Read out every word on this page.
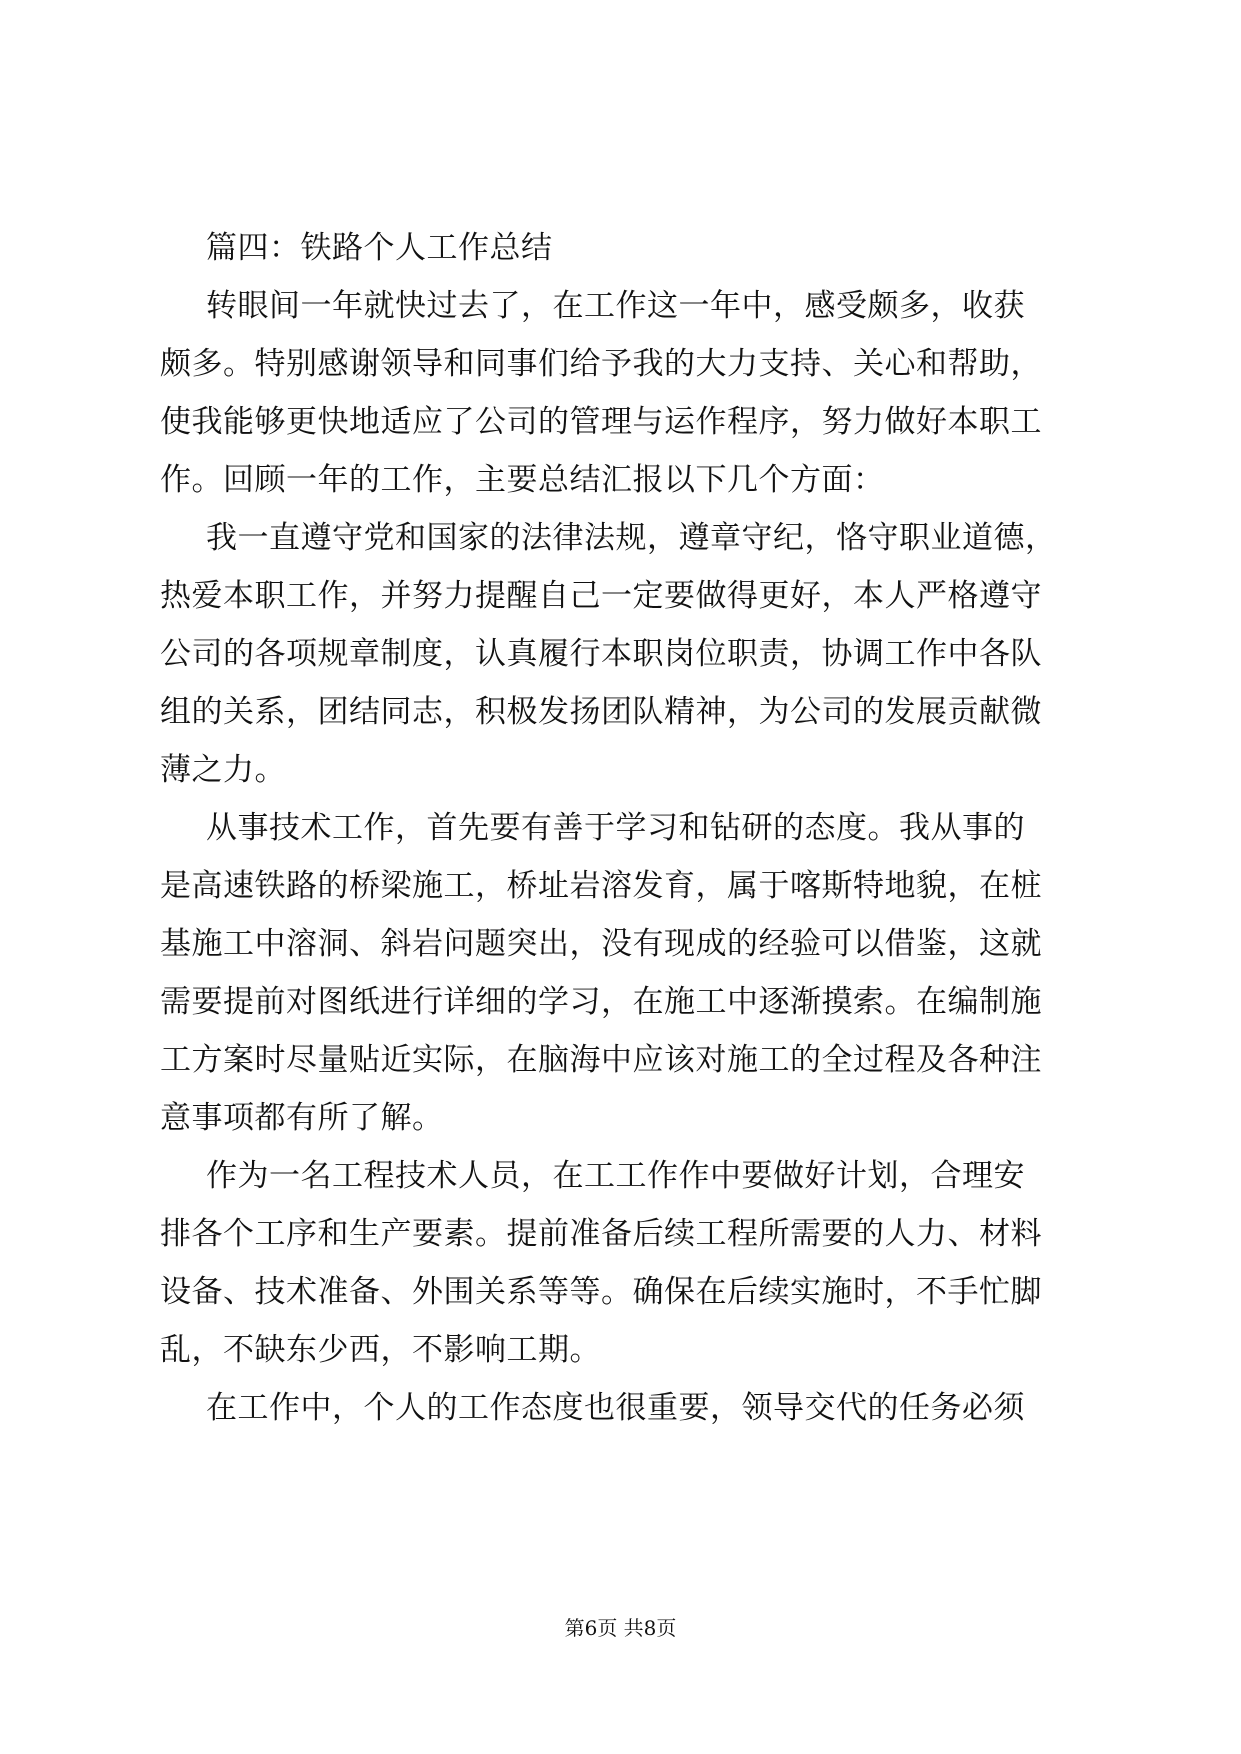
篇四：铁路个人工作总结
转眼间一年就快过去了，在工作这一年中，感受颇多，收获
颇多。特别感谢领导和同事们给予我的大力支持、关心和帮助，
使我能够更快地适应了公司的管理与运作程序，努力做好本职工
作。回顾一年的工作，主要总结汇报以下几个方面：
我一直遵守党和国家的法律法规，遵章守纪，恪守职业道德，
热爱本职工作，并努力提醒自己一定要做得更好，本人严格遵守
公司的各项规章制度，认真履行本职岗位职责，协调工作中各队
组的关系，团结同志，积极发扬团队精神，为公司的发展贡献微
薄之力。
从事技术工作，首先要有善于学习和钻研的态度。我从事的
是高速铁路的桥梁施工，桥址岩溶发育，属于喀斯特地貌，在桩
基施工中溶洞、斜岩问题突出，没有现成的经验可以借鉴，这就
需要提前对图纸进行详细的学习，在施工中逐渐摸索。在编制施
工方案时尽量贴近实际，在脑海中应该对施工的全过程及各种注
意事项都有所了解。
作为一名工程技术人员，在工工作作中要做好计划，合理安
排各个工序和生产要素。提前准备后续工程所需要的人力、材料
设备、技术准备、外围关系等等。确保在后续实施时，不手忙脚
乱，不缺东少西，不影响工期。
在工作中，个人的工作态度也很重要，领导交代的任务必须
第6页 共8页
